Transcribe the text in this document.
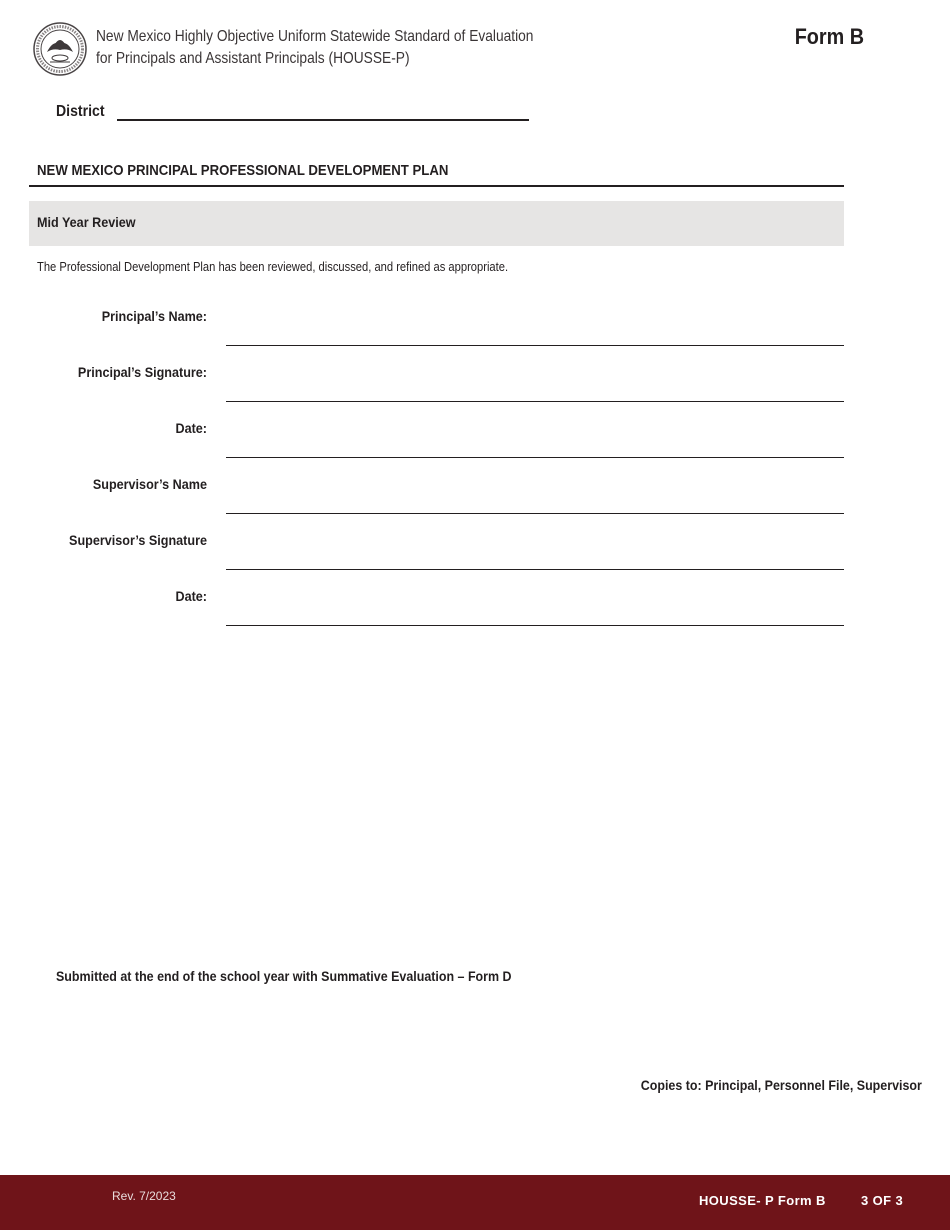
New Mexico Highly Objective Uniform Statewide Standard of Evaluation
for Principals and Assistant Principals (HOUSSE-P)
Form B
District
NEW MEXICO PRINCIPAL PROFESSIONAL DEVELOPMENT PLAN
Mid Year Review
The Professional Development Plan has been reviewed, discussed, and refined as appropriate.
Principal’s Name:
Principal’s Signature:
Date:
Supervisor’s Name
Supervisor’s Signature
Date:
Submitted at the end of the school year with Summative Evaluation – Form D
Copies to: Principal, Personnel File, Supervisor
Rev. 7/2023	HOUSSE- P Form B	3 OF 3
